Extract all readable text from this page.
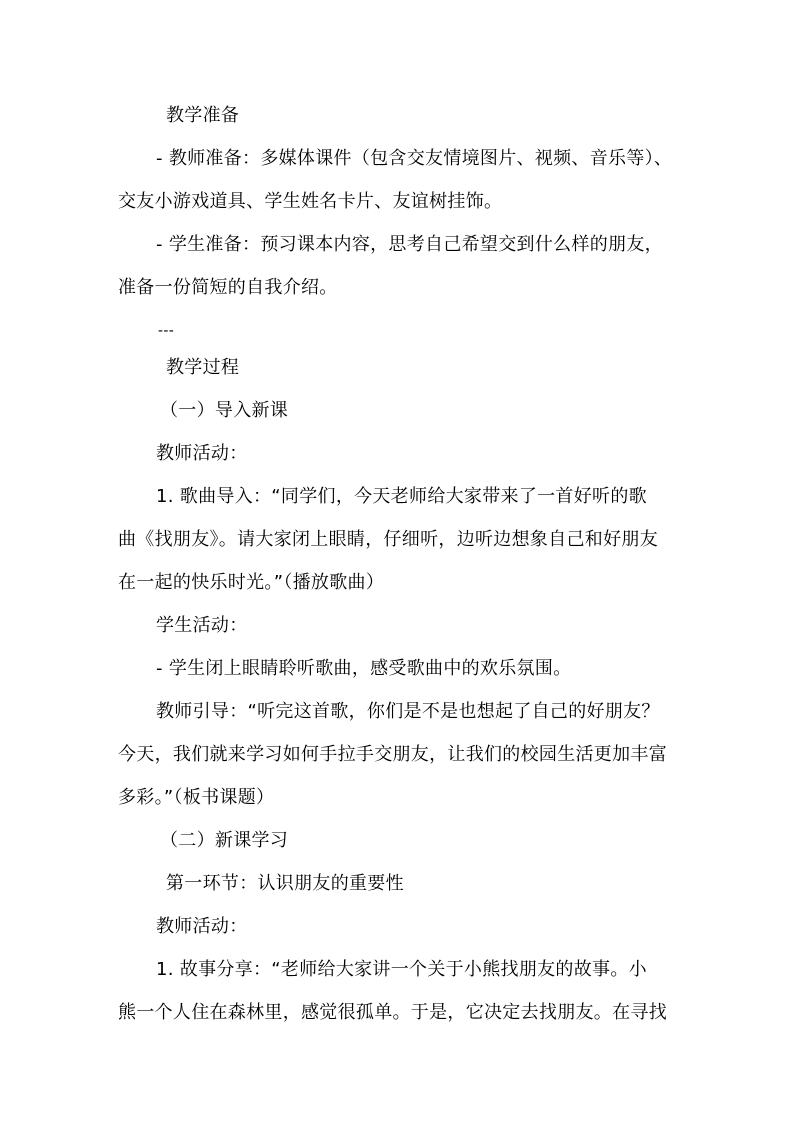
教学准备
- 教师准备：多媒体课件（包含交友情境图片、视频、音乐等）、
交友小游戏道具、学生姓名卡片、友谊树挂饰。
- 学生准备：预习课本内容，思考自己希望交到什么样的朋友，
准备一份简短的自我介绍。
---
教学过程
（一）导入新课
教师活动：
1. 歌曲导入：“同学们，今天老师给大家带来了一首好听的歌
曲《找朋友》。请大家闭上眼睛，仔细听，边听边想象自己和好朋友
在一起的快乐时光。”（播放歌曲）
学生活动：
- 学生闭上眼睛聆听歌曲，感受歌曲中的欢乐氛围。
教师引导：“听完这首歌，你们是不是也想起了自己的好朋友？
今天，我们就来学习如何手拉手交朋友，让我们的校园生活更加丰富
多彩。”（板书课题）
（二）新课学习
第一环节：认识朋友的重要性
教师活动：
1. 故事分享：“老师给大家讲一个关于小熊找朋友的故事。小
熊一个人住在森林里，感觉很孤单。于是，它决定去找朋友。在寻找
